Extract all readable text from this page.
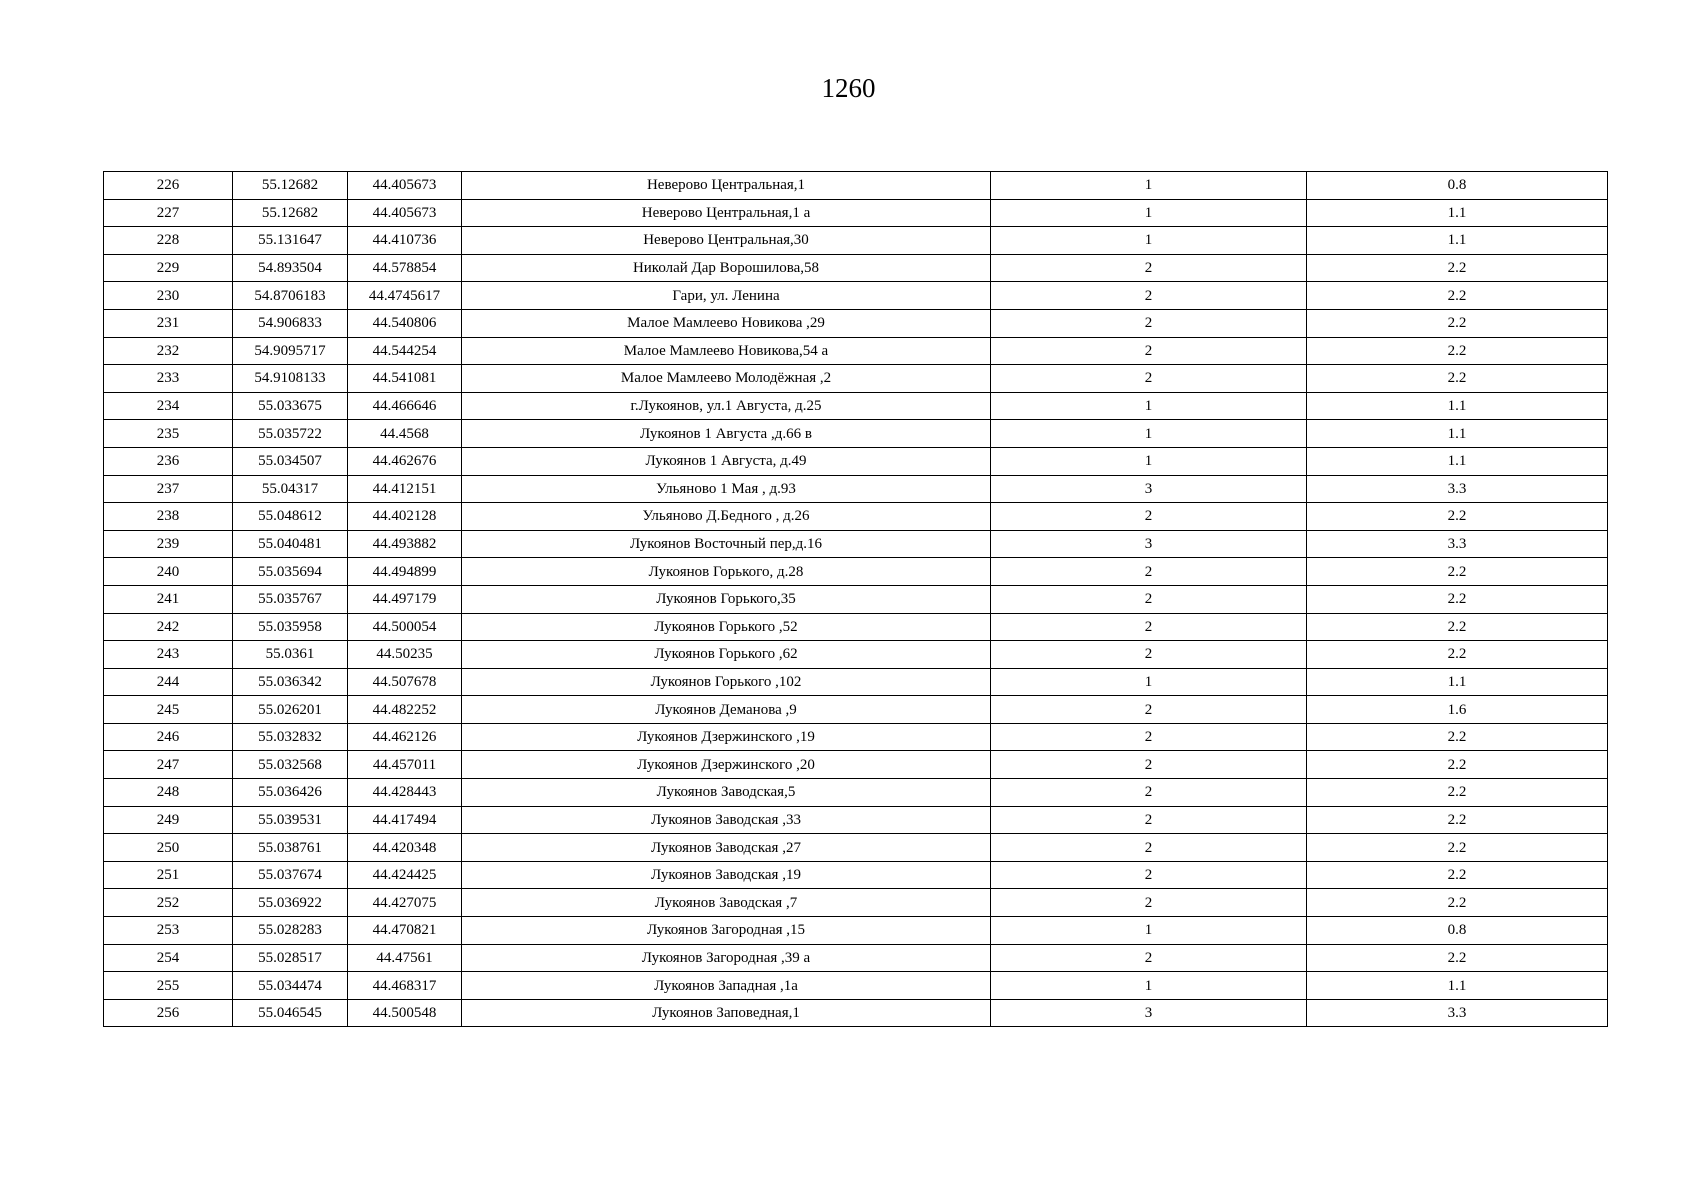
1260
226	55.12682	44.405673	Неверово Центральная,1	1	0.8
227	55.12682	44.405673	Неверово Центральная,1 а	1	1.1
228	55.131647	44.410736	Неверово Центральная,30	1	1.1
229	54.893504	44.578854	Николай Дар Ворошилова,58	2	2.2
230	54.8706183	44.4745617	Гари, ул. Ленина	2	2.2
231	54.906833	44.540806	Малое Мамлеево Новикова ,29	2	2.2
232	54.9095717	44.544254	Малое Мамлеево Новикова,54 а	2	2.2
233	54.9108133	44.541081	Малое Мамлеево Молодёжная ,2	2	2.2
234	55.033675	44.466646	г.Лукоянов, ул.1 Августа, д.25	1	1.1
235	55.035722	44.4568	Лукоянов 1 Августа ,д.66 в	1	1.1
236	55.034507	44.462676	Лукоянов 1 Августа, д.49	1	1.1
237	55.04317	44.412151	Ульяново 1 Мая , д.93	3	3.3
238	55.048612	44.402128	Ульяново Д.Бедного , д.26	2	2.2
239	55.040481	44.493882	Лукоянов Восточный пер,д.16	3	3.3
240	55.035694	44.494899	Лукоянов Горького, д.28	2	2.2
241	55.035767	44.497179	Лукоянов Горького,35	2	2.2
242	55.035958	44.500054	Лукоянов Горького ,52	2	2.2
243	55.0361	44.50235	Лукоянов Горького ,62	2	2.2
244	55.036342	44.507678	Лукоянов Горького ,102	1	1.1
245	55.026201	44.482252	Лукоянов Деманова ,9	2	1.6
246	55.032832	44.462126	Лукоянов Дзержинского ,19	2	2.2
247	55.032568	44.457011	Лукоянов Дзержинского ,20	2	2.2
248	55.036426	44.428443	Лукоянов Заводская,5	2	2.2
249	55.039531	44.417494	Лукоянов Заводская ,33	2	2.2
250	55.038761	44.420348	Лукоянов Заводская ,27	2	2.2
251	55.037674	44.424425	Лукоянов Заводская ,19	2	2.2
252	55.036922	44.427075	Лукоянов Заводская ,7	2	2.2
253	55.028283	44.470821	Лукоянов Загородная ,15	1	0.8
254	55.028517	44.47561	Лукоянов Загородная ,39 а	2	2.2
255	55.034474	44.468317	Лукоянов Западная ,1а	1	1.1
256	55.046545	44.500548	Лукоянов Заповедная,1	3	3.3
